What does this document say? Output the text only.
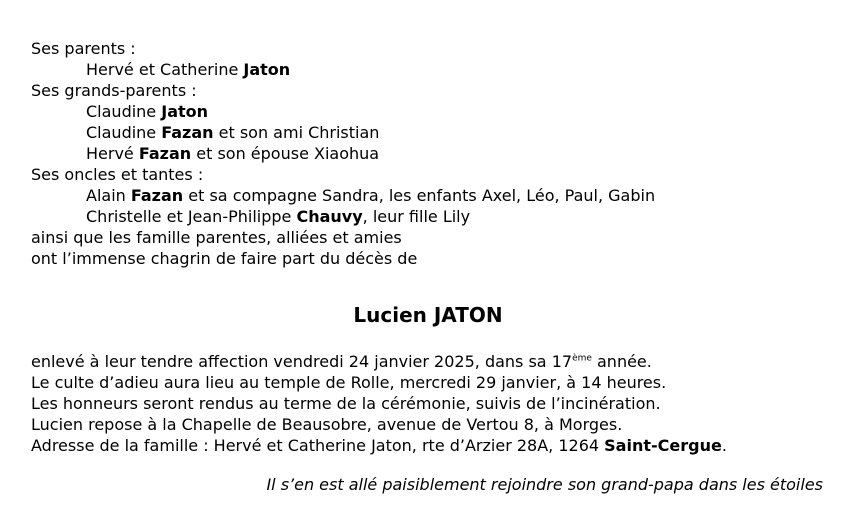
Ses parents :
Hervé et Catherine Jaton
Ses grands-parents :
Claudine Jaton
Claudine Fazan et son ami Christian
Hervé Fazan et son épouse Xiaohua
Ses oncles et tantes :
Alain Fazan et sa compagne Sandra, les enfants Axel, Léo, Paul, Gabin
Christelle et Jean-Philippe Chauvy, leur fille Lily
ainsi que les famille parentes, alliées et amies
ont l’immense chagrin de faire part du décès de
Lucien JATON
enlevé à leur tendre affection vendredi 24 janvier 2025, dans sa 17ème année.
Le culte d’adieu aura lieu au temple de Rolle, mercredi 29 janvier, à 14 heures.
Les honneurs seront rendus au terme de la cérémonie, suivis de l’incinération.
Lucien repose à la Chapelle de Beausobre, avenue de Vertou 8, à Morges.
Adresse de la famille : Hervé et Catherine Jaton, rte d’Arzier 28A, 1264 Saint-Cergue.
Il s’en est allé paisiblement rejoindre son grand-papa dans les étoiles
